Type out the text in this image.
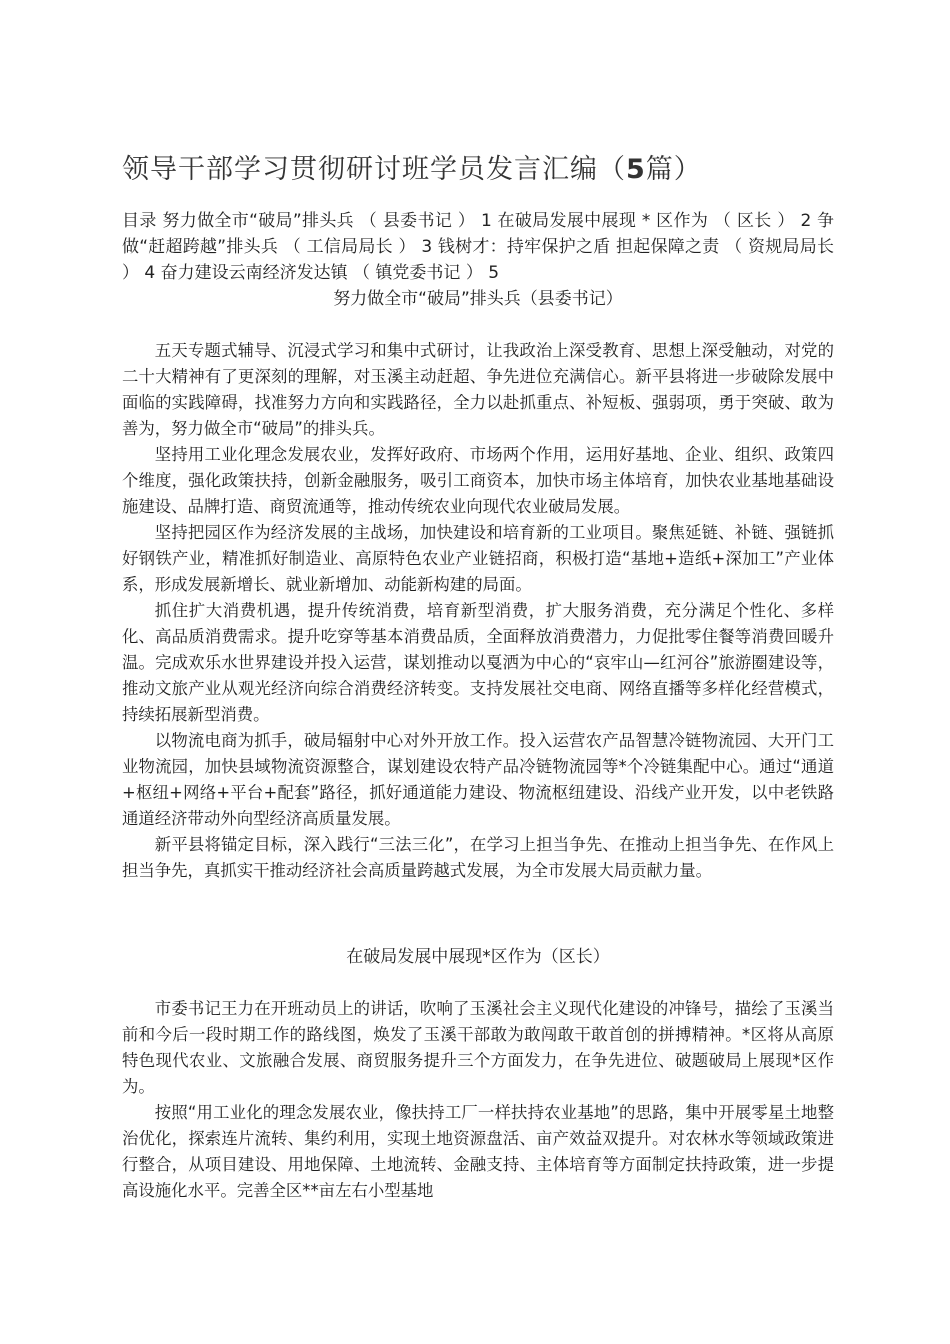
领导干部学习贯彻研讨班学员发言汇编（5篇）

目录 努力做全市“破局”排头兵 （ 县委书记 ） 1 在破局发展中展现 * 区作为 （ 区长 ） 2 争做“赶超跨越”排头兵 （ 工信局局长 ） 3 钱树才：持牢保护之盾 担起保障之责 （ 资规局局长 ） 4 奋力建设云南经济发达镇 （ 镇党委书记 ） 5

努力做全市“破局”排头兵（县委书记）

五天专题式辅导、沉浸式学习和集中式研讨，让我政治上深受教育、思想上深受触动，对党的二十大精神有了更深刻的理解，对玉溪主动赶超、争先进位充满信心。新平县将进一步破除发展中面临的实践障碍，找准努力方向和实践路径，全力以赴抓重点、补短板、强弱项，勇于突破、敢为善为，努力做全市“破局”的排头兵。

坚持用工业化理念发展农业，发挥好政府、市场两个作用，运用好基地、企业、组织、政策四个维度，强化政策扶持，创新金融服务，吸引工商资本，加快市场主体培育，加快农业基地基础设施建设、品牌打造、商贸流通等，推动传统农业向现代农业破局发展。

坚持把园区作为经济发展的主战场，加快建设和培育新的工业项目。聚焦延链、补链、强链抓好钢铁产业，精准抓好制造业、高原特色农业产业链招商，积极打造“基地+造纸+深加工”产业体系，形成发展新增长、就业新增加、动能新构建的局面。

抓住扩大消费机遇，提升传统消费，培育新型消费，扩大服务消费，充分满足个性化、多样化、高品质消费需求。提升吃穿等基本消费品质，全面释放消费潜力，力促批零住餐等消费回暖升温。完成欢乐水世界建设并投入运营，谋划推动以戛洒为中心的“哀牢山—红河谷”旅游圈建设等，推动文旅产业从观光经济向综合消费经济转变。支持发展社交电商、网络直播等多样化经营模式，持续拓展新型消费。

以物流电商为抓手，破局辐射中心对外开放工作。投入运营农产品智慧冷链物流园、大开门工业物流园，加快县域物流资源整合，谋划建设农特产品冷链物流园等*个冷链集配中心。通过“通道+枢纽+网络+平台+配套”路径，抓好通道能力建设、物流枢纽建设、沿线产业开发，以中老铁路通道经济带动外向型经济高质量发展。

新平县将锚定目标，深入践行“三法三化”，在学习上担当争先、在推动上担当争先、在作风上担当争先，真抓实干推动经济社会高质量跨越式发展，为全市发展大局贡献力量。

在破局发展中展现*区作为（区长）

市委书记王力在开班动员上的讲话，吹响了玉溪社会主义现代化建设的冲锋号，描绘了玉溪当前和今后一段时期工作的路线图，焕发了玉溪干部敢为敢闯敢干敢首创的拼搏精神。*区将从高原特色现代农业、文旅融合发展、商贸服务提升三个方面发力，在争先进位、破题破局上展现*区作为。

按照“用工业化的理念发展农业，像扶持工厂一样扶持农业基地”的思路，集中开展零星土地整治优化，探索连片流转、集约利用，实现土地资源盘活、亩产效益双提升。对农林水等领域政策进行整合，从项目建设、用地保障、土地流转、金融支持、主体培育等方面制定扶持政策，进一步提高设施化水平。完善全区**亩左右小型基地
